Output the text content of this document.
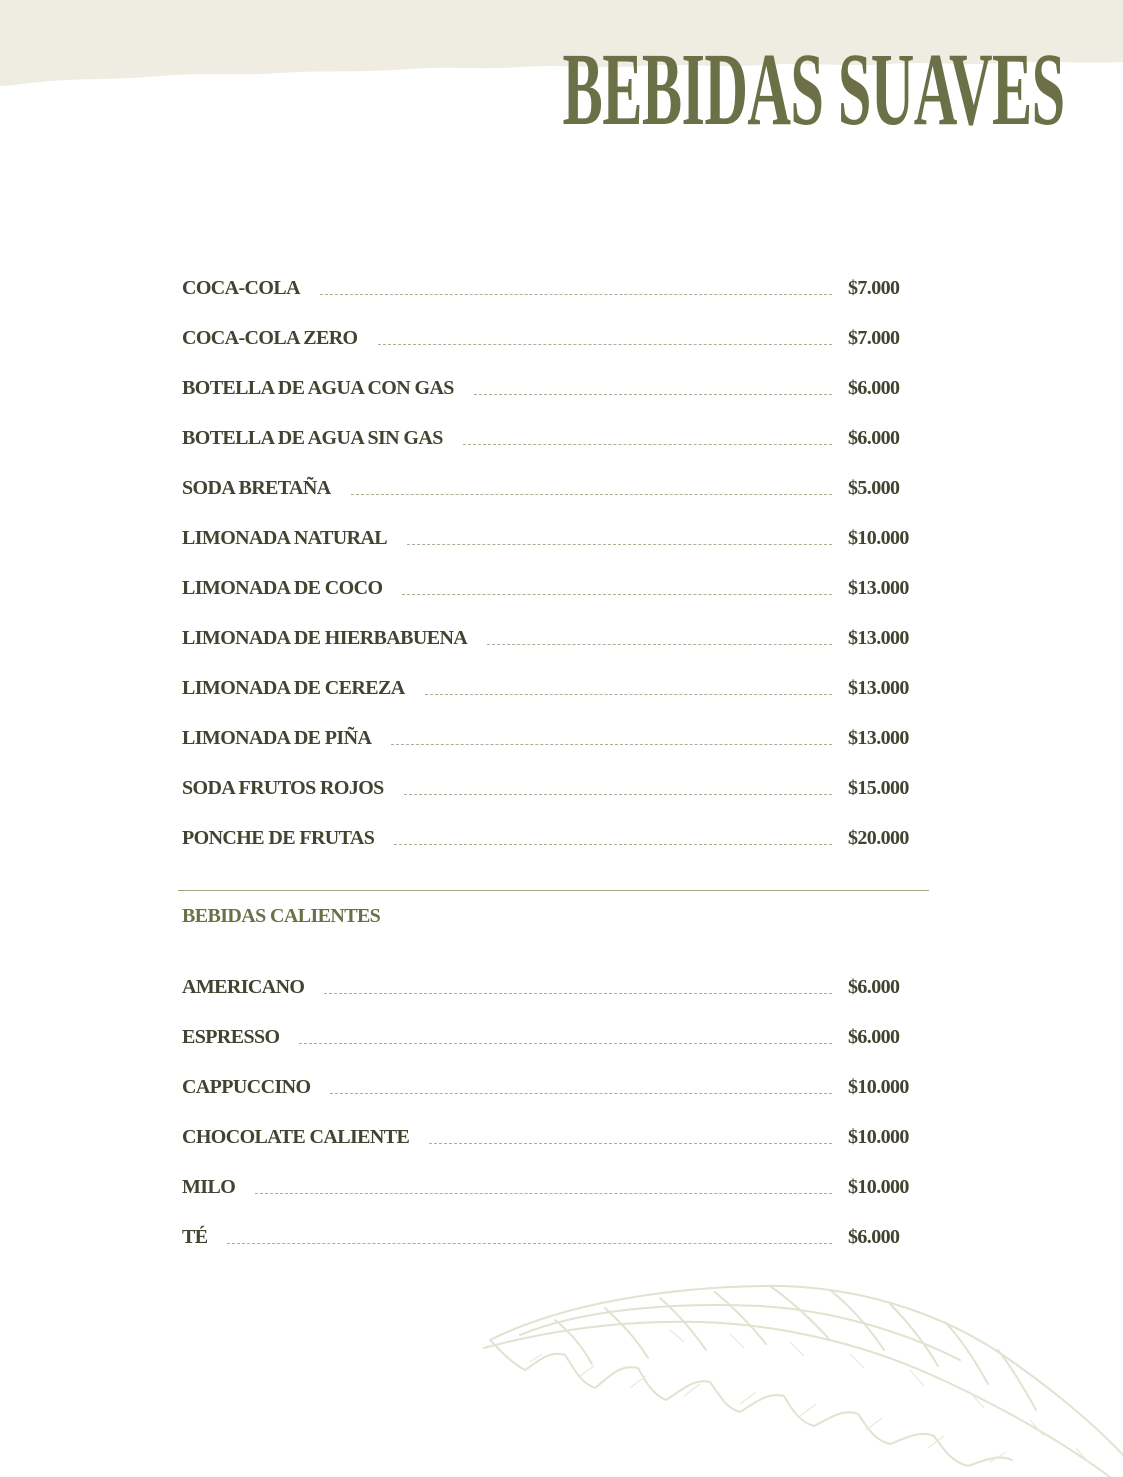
BEBIDAS SUAVES
COCA-COLA	$7.000
COCA-COLA ZERO	$7.000
BOTELLA DE AGUA CON GAS	$6.000
BOTELLA DE AGUA SIN GAS	$6.000
SODA BRETAÑA	$5.000
LIMONADA NATURAL	$10.000
LIMONADA DE COCO	$13.000
LIMONADA DE HIERBABUENA	$13.000
LIMONADA DE CEREZA	$13.000
LIMONADA DE PIÑA	$13.000
SODA FRUTOS ROJOS	$15.000
PONCHE DE FRUTAS	$20.000
BEBIDAS CALIENTES
AMERICANO	$6.000
ESPRESSO	$6.000
CAPPUCCINO	$10.000
CHOCOLATE CALIENTE	$10.000
MILO	$10.000
TÉ	$6.000
